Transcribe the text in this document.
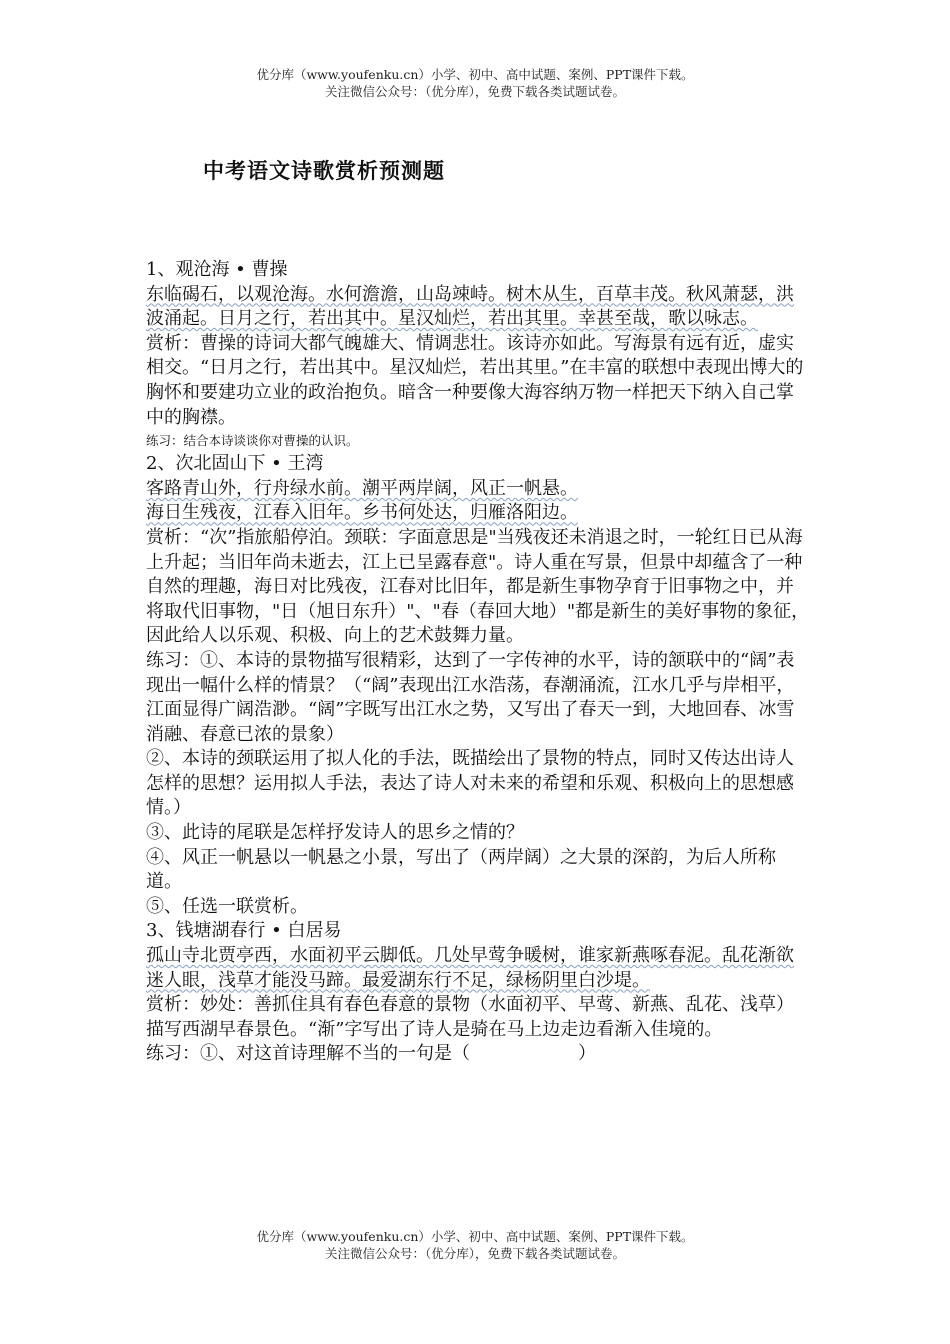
优分库（www.youfenku.cn）小学、初中、高中试题、案例、PPT课件下载。
关注微信公众号：（优分库），免费下载各类试题试卷。
中考语文诗歌赏析预测题

1、观沧海 • 曹操

东临碣石，以观沧海。水何澹澹，山岛竦峙。树木从生，百草丰茂。秋风萧瑟，洪波涌起。日月之行，若出其中。星汉灿烂，若出其里。幸甚至哉，歌以咏志。

赏析：曹操的诗词大都气魄雄大、情调悲壮。该诗亦如此。写海景有远有近，虚实相交。“日月之行，若出其中。星汉灿烂，若出其里。”在丰富的联想中表现出博大的胸怀和要建功立业的政治抱负。暗含一种要像大海容纳万物一样把天下纳入自己掌中的胸襟。

练习：结合本诗谈谈你对曹操的认识。

2、次北固山下 • 王湾

客路青山外，行舟绿水前。潮平两岸阔，风正一帆悬。

海日生残夜，江春入旧年。乡书何处达，归雁洛阳边。

赏析：“次”指旅船停泊。颈联：字面意思是"当残夜还未消退之时，一轮红日已从海上升起；当旧年尚未逝去，江上已呈露春意"。诗人重在写景，但景中却蕴含了一种自然的理趣，海日对比残夜，江春对比旧年，都是新生事物孕育于旧事物之中，并将取代旧事物，"日（旭日东升）"、"春（春回大地）"都是新生的美好事物的象征，因此给人以乐观、积极、向上的艺术鼓舞力量。

练习：①、本诗的景物描写很精彩，达到了一字传神的水平，诗的颔联中的“阔”表现出一幅什么样的情景？（“阔”表现出江水浩荡，春潮涌流，江水几乎与岸相平，江面显得广阔浩渺。“阔”字既写出江水之势，又写出了春天一到，大地回春、冰雪消融、春意已浓的景象）

②、本诗的颈联运用了拟人化的手法，既描绘出了景物的特点，同时又传达出诗人怎样的思想？运用拟人手法，表达了诗人对未来的希望和乐观、积极向上的思想感情。）

③、此诗的尾联是怎样抒发诗人的思乡之情的？

④、风正一帆悬以一帆悬之小景，写出了（两岸阔）之大景的深韵，为后人所称道。

⑤、任选一联赏析。

3、钱塘湖春行 • 白居易

孤山寺北贾亭西，水面初平云脚低。几处早莺争暖树，谁家新燕啄春泥。乱花渐欲迷人眼，浅草才能没马蹄。最爱湖东行不足，绿杨阴里白沙堤。

赏析：妙处：善抓住具有春色春意的景物（水面初平、早莺、新燕、乱花、浅草）描写西湖早春景色。“渐”字写出了诗人是骑在马上边走边看渐入佳境的。

练习：①、对这首诗理解不当的一句是（　　　　　　）

优分库（www.youfenku.cn）小学、初中、高中试题、案例、PPT课件下载。
关注微信公众号：（优分库），免费下载各类试题试卷。
